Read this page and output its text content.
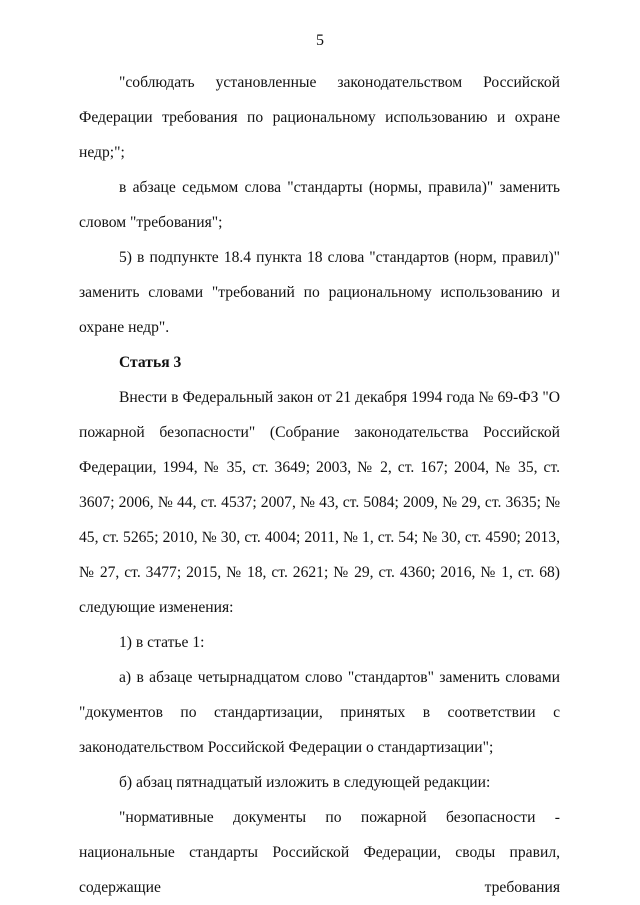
5

"соблюдать установленные законодательством Российской Федерации требования по рациональному использованию и охране недр;";

в абзаце седьмом слова "стандарты (нормы, правила)" заменить словом "требования";

5) в подпункте 18.4 пункта 18 слова "стандартов (норм, правил)" заменить словами "требований по рациональному использованию и охране недр".

Статья 3

Внести в Федеральный закон от 21 декабря 1994 года № 69-ФЗ "О пожарной безопасности" (Собрание законодательства Российской Федерации, 1994, № 35, ст. 3649; 2003, № 2, ст. 167; 2004, № 35, ст. 3607; 2006, № 44, ст. 4537; 2007, № 43, ст. 5084; 2009, № 29, ст. 3635; № 45, ст. 5265; 2010, № 30, ст. 4004; 2011, № 1, ст. 54; № 30, ст. 4590; 2013, № 27, ст. 3477; 2015, № 18, ст. 2621; № 29, ст. 4360; 2016, № 1, ст. 68) следующие изменения:

1) в статье 1:

а) в абзаце четырнадцатом слово "стандартов" заменить словами "документов по стандартизации, принятых в соответствии с законодательством Российской Федерации о стандартизации";

б) абзац пятнадцатый изложить в следующей редакции:

"нормативные документы по пожарной безопасности - национальные стандарты Российской Федерации, своды правил, содержащие требования
